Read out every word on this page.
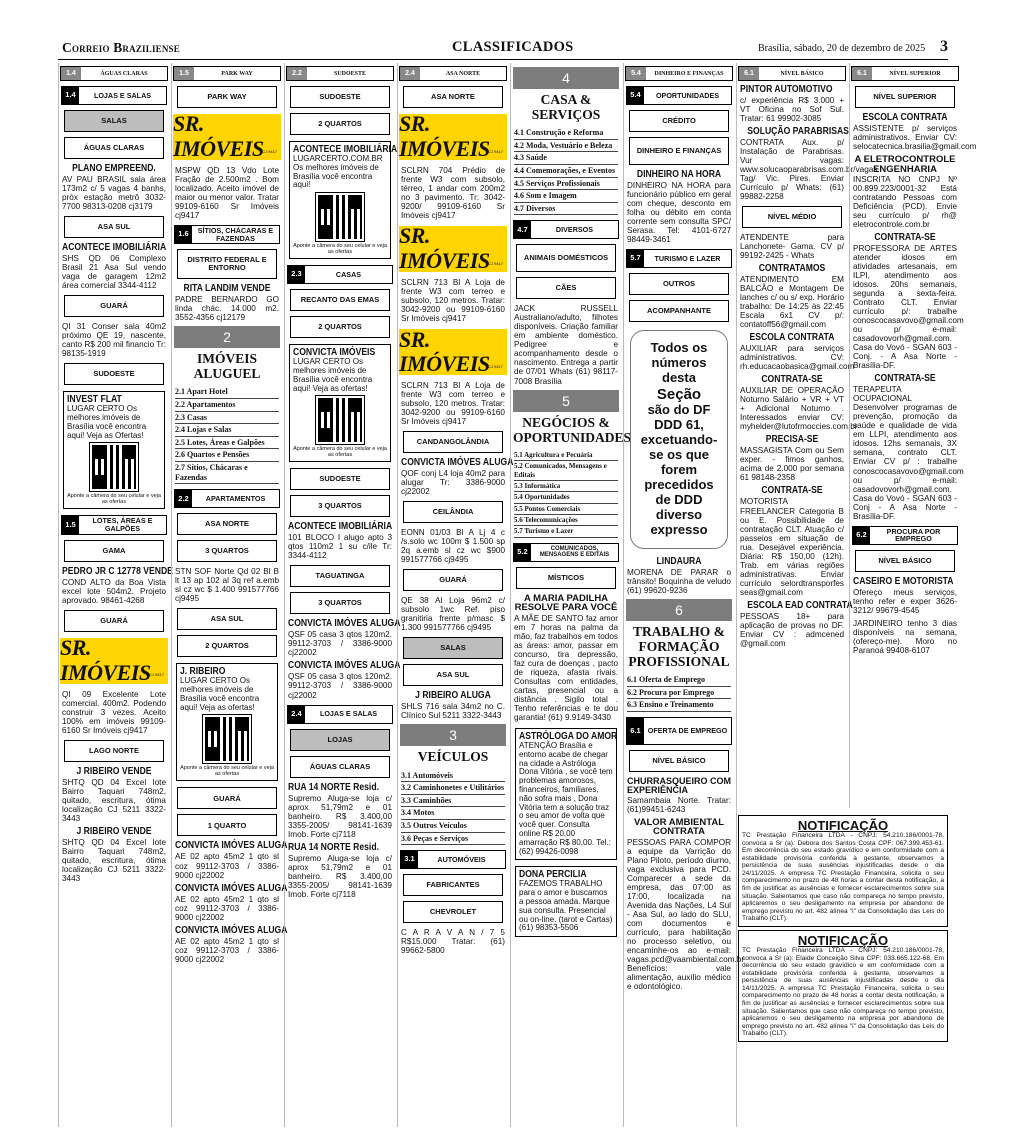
Correio Braziliense	CLASSIFICADOS	Brasília, sábado, 20 de dezembro de 2025 3
1.4	ÁGUAS CLARAS
1.4	LOJAS E SALAS
SALAS
ÁGUAS CLARAS
PLANO EMPREEND.

AV PAU BRASIL sala área 173m2 c/ 5 vagas 4 banhs, próx estação metrô 3032-7700 98313-0208 cj3179

ASA SUL
ACONTECE IMOBILIÁRIA

SHS QD 06 Complexo Brasil 21 Asa Sul vendo vaga de garagem 12m2 área comercial 3344-4112

GUARÁ

QI 31 Conser sala 40m2 próximo QE 19, nascente, canto R$ 200 mil financio Tr: 98135-1919

SUDOESTE
INVEST FLAT

LUGAR CERTO Os melhores imóveis de Brasília você encontra aqui! Veja as Ofertas!

Aponte a câmera do seu celular e veja as ofertas
1.5	LOTES, ÁREAS E GALPÕES
GAMA
PEDRO JR C 12778 VENDE

COND ALTO da Boa Vista excel lote 504m2. Projeto aprovado. 98461-4268

GUARÁ
SR. IMÓVEIS
CJ 9417

QI 09 Excelente Lote comercial. 400m2. Podendo construir 3 vezes. Aceito 100% em imóveis 99109-6160 Sr Imóveis cj9417

LAGO NORTE
J RIBEIRO VENDE

SHTQ QD 04 Excel lote Bairro Taquari 748m2, quitado, escritura, ótima localização CJ 5211 3322-3443

J RIBEIRO VENDE

SHTQ QD 04 Excel lote Bairro Taquari 748m2, quitado, escritura, ótima localização CJ 5211 3322-3443

1.5	PARK WAY
PARK WAY
SR. IMÓVEIS
CJ 9417

MSPW QD 13 Vdo Lote Fração de 2.500m2 . Bom localizado. Aceito imóvel de maior ou menor valor. Tratar 99109-6160 Sr Imóveis cj9417

1.6	SÍTIOS, CHÁCARAS E FAZENDAS
DISTRITO FEDERAL E ENTORNO
RITA LANDIM VENDE

PADRE BERNARDO GO linda chác. 14.000 m2. 3552-4356 cj12179

2
IMÓVEIS ALUGUEL
2.1 Apart Hotel
2.2 Apartamentos
2.3 Casas
2.4 Lojas e Salas
2.5 Lotes, Áreas e Galpões
2.6 Quartos e Pensões
2.7 Sítios, Chácaras e Fazendas
2.2	APARTAMENTOS
ASA NORTE
3 QUARTOS

STN SOF Norte Qd 02 Bl B lt 13 ap 102 al 3q ref a.emb sl cz wc $ 1.400 991577766 cj9495

ASA SUL
2 QUARTOS
J. RIBEIRO

LUGAR CERTO Os melhores imóveis de Brasília você encontra aqui! Veja as ofertas!

Aponte a câmera do seu celular e veja as ofertas
GUARÁ
1 QUARTO
CONVICTA IMÓVES ALUGA

AE 02 apto 45m2 1 qto sl coz 99112-3703 / 3386-9000 cj22002

CONVICTA IMÓVES ALUGA

AE 02 apto 45m2 1 qto sl coz 99112-3703 / 3386-9000 cj22002

CONVICTA IMÓVES ALUGA

AE 02 apto 45m2 1 qto sl coz 99112-3703 / 3386-9000 cj22002

2.2	SUDOESTE
SUDOESTE
2 QUARTOS
ACONTECE IMOBILIÁRIA

LUGARCERTO.COM.BR Os melhores imóveis de Brasília você encontra aqui!

Aponte a câmera do seu celular e veja as ofertas
2.3	CASAS
RECANTO DAS EMAS
2 QUARTOS
CONVICTA IMÓVEIS

LUGAR CERTO Os melhores imóveis de Brasília você encontra aqui! Veja as ofertas!

Aponte a câmera do seu celular e veja as ofertas
SUDOESTE
3 QUARTOS
ACONTECE IMOBILIÁRIA

101 BLOCO I alugo apto 3 qtos 110m2 1 su c/ile Tr: 3344-4112

TAGUATINGA
3 QUARTOS
CONVICTA IMÓVES ALUGA

QSF 05 casa 3 qtos 120m2. 99112-3703 / 3386-9000 cj22002

CONVICTA IMÓVES ALUGA

QSF 05 casa 3 qtos 120m2. 99112-3703 / 3386-9000 cj22002

2.4	LOJAS E SALAS
LOJAS
ÁGUAS CLARAS
RUA 14 NORTE Resid.

Supremo Aluga-se loja c/ aprox 51,79m2 e 01 banheiro. R$ 3.400,00 3355-2005/ 98141-1639 Imob. Forte cj7118

RUA 14 NORTE Resid.

Supremo Aluga-se loja c/ aprox 51,79m2 e 01 banheiro. R$ 3.400,00 3355-2005/ 98141-1639 Imob. Forte cj7118

2.4	ASA NORTE
ASA NORTE
SR. IMÓVEIS
CJ 9417

SCLRN 704 Prédio de frente W3 com subsolo, térreo, 1 andar com 200m2 no 3 pavimento. Tr: 3042-9200/ 99109-6160 Sr Imóveis cj9417

SR. IMÓVEIS
CJ 9417

SCLRN 713 Bl A Loja de frente W3 com terreo e subsolo, 120 metros. Tratar: 3042-9200 ou 99109-6160 Sr Imóveis cj9417

SR. IMÓVEIS
CJ 9417

SCLRN 713 Bl A Loja de frente W3 com terreo e subsolo, 120 metros. Tratar: 3042-9200 ou 99109-6160 Sr Imóveis cj9417

CANDANGOLÂNDIA
CONVICTA IMÓVES ALUGA

QOF conj L4 loja 40m2 para alugar Tr: 3386-9000 cj22002

CEILÂNDIA

EONN 01/03 Bl A Lj 4 c /s.solo wc 100m $ 1.500 sp 2q a.emb sl cz wc $900 991577766 cj9495

GUARÁ

QE 38 Al Loja 96m2 c/ subsolo 1wc Ref. piso granitiria frente p/masc $ 1.300 991577766 cj9495

SALAS
ASA SUL
J RIBEIRO ALUGA

SHLS 716 sala 34m2 no C. Clínico Sul 5211 3322-3443

3
VEÍCULOS
3.1 Automóveis
3.2 Caminhonetes e Utilitários
3.3 Caminhões
3.4 Motos
3.5 Outros Veículos
3.6 Peças e Serviços
3.1	AUTOMÓVEIS
FABRICANTES
CHEVROLET

C A R A V A N / 7 5 R$15.000 Tratar: (61) 99662-5800

4
CASA & SERVIÇOS
4.1 Construção e Reforma
4.2 Moda, Vestuário e Beleza
4.3 Saúde
4.4 Comemorações, e Eventos
4.5 Serviços Profissionais
4.6 Som e Imagem
4.7 Diversos
4.7	DIVERSOS
ANIMAIS DOMÉSTICOS
CÃES

JACK RUSSELL Australiano/adulto, filhotes disponíveis. Criação familiar em ambiente doméstico. Pedigree e acompanhamento desde o nascimento. Entrega a partir de 07/01 Whats (61) 98117-7008 Brasília

5
NEGÓCIOS & OPORTUNIDADES
5.1 Agricultura e Pecuária
5.2 Comunicados, Mensagens e Editais
5.3 Informática
5.4 Oportunidades
5.5 Pontos Comerciais
5.6 Telecomunicações
5.7 Turismo e Lazer
5.2	COMUNICADOS, MENSAGENS E EDITAIS
MÍSTICOS
A MARIA PADILHA RESOLVE PARA VOCÊ

A MÃE DE SANTO faz amor em 7 horas na palma da mão, faz trabalhos em todos as áreas: amor, passar em concurso, tira depressão, faz cura de doenças , pacto de riqueza, afasta rivais. Consultas com entidades, cartas, presencial ou a distância . Sigilo total . Tenho referências e te dou garantia! (61) 9.9149-3430

ASTRÓLOGA DO AMOR

ATENÇÃO Brasília e entorno acabe de chegar na cidade a Astróloga Dona Vitória , se você tem problemas amorosos, financeiros, familiares, não sofra mais , Dona Vitória tem a solução traz o seu amor de volta que você quer. Consulta online R$ 20,00 amarração R$ 80,00. Tel.: (62) 99426-0098

DONA PERCILIA

FAZEMOS TRABALHO para o amor e buscamos a pessoa amada. Marque sua consulta. Presencial ou on-line. (tarot e Cartas) (61) 98353-5506

5.4	DINHEIRO E FINANÇAS
5.4	OPORTUNIDADES
CRÉDITO
DINHEIRO E FINANÇAS
DINHEIRO NA HORA

DINHEIRO NA HORA para funcionário público em geral com cheque, desconto em folha ou débito em conta corrente sem consulta SPC/ Serasa. Tel: 4101-6727 98449-3461

5.7	TURISMO E LAZER
OUTROS
ACOMPANHANTE
Todos os números desta
Seção
são do DF DDD 61,
excetuando-se os que forem precedidos de DDD diverso expresso
LINDAURA

MORENA DE PARAR o trânsito! Boquinha de veludo (61) 99620-9236

6
TRABALHO & FORMAÇÃO PROFISSIONAL
6.1 Oferta de Emprego
6.2 Procura por Emprego
6.3 Ensino e Treinamento
6.1 OFERTA DE EMPREGO
NÍVEL BÁSICO
CHURRASQUEIRO COM EXPERIÊNCIA

Samambaia Norte. Tratar: (61)99451-6243

VALOR AMBIENTAL CONTRATA

PESSOAS PARA COMPOR a equipe da Varrição do Plano Piloto, período diurno, vaga exclusiva para PCD. Comparecer a sede da empresa, das 07:00 as 17:00, localizada na Avenida das Nações, L4 Sul - Asa Sul, ao lado do SLU, com documentos e currículo, para habilitação no processo seletivo, ou encaminhe-os ao e-mail: vagas.pcd@vaambiental.com.br Benefícios: vale alimentação, auxílio médico e odontológico.

6.1	NÍVEL BÁSICO
PINTOR AUTOMOTIVO

c/ experiência R$ 3.000 + VT Oficina no Sof Sul. Tratar: 61 99902-3085

SOLUÇÃO PARABRISAS

CONTRATA Aux. p/ Instalação de Parabrisas. Vur vagas: www.solucaoparabrisas.com.br/vagas Tag/ Vic. Pires. Enviar Currículo p/ Whats: (61) 99882-2258

NÍVEL MÉDIO

ATENDENTE para Lanchonete- Gama. CV p/ 99192-2425 - Whats

CONTRATAMOS

ATENDIMENTO EM BALCÃO e Montagem De lanches c/ ou s/ exp. Horário trabalho: De 14:25 às 22:45 Escala 6x1 CV p/: contatoff56@gmail.com

ESCOLA CONTRATA

AUXILIAR para serviços administrativos. CV: rh.educacaobasica@gmail.com

CONTRATA-SE

AUXILIAR DE OPERAÇÃO Noturno Salário + VR + VT + Adicional Noturno . Interessados enviar CV: myhelder@lutofrmoccies.com.br

PRECISA-SE

MASSAGISTA Com ou Sem exper. - fimos ganhos, acima de 2.000 por semana 61 98148-2358

CONTRATA-SE

MOTORISTA FREELANCER Categoria B ou E. Possibilidade de contratação CLT. Atuação c/ passeios em situação de rua. Desejável experiência. Diária: R$ 150,00 (12h). Trab. em várias regiões administrativas. Enviar currículo selordtransporfes seas@gmail.com

ESCOLA EAD CONTRATA

PESSOAS 18+ para aplicação de provas no DF. Enviar CV : admcened @gmail.com

NOTIFICAÇÃO

TC Prestação Financeira LTDA - CNPJ: 54.210.186/0001-78, convoca a Sr (a): Debora dos Santos Costa CPF: 067.399.453-61. Em decorrência do seu estado gravídico e em conformidade com a estabilidade provisória conferida à gestante, observamos a persistência de suas ausências injustificadas desde o dia 24/11/2025. A empresa TC Prestação Financeira, solicita o seu comparecimento no prazo de 48 horas a contar desta notificação, a fim de justificar as ausências e fornecer esclarecimentos sobre sua situação. Salientamos que caso não compareça no tempo previsto, aplicaremos o seu desligamento na empresa por abandono de emprego previsto no art. 482 alínea "i" da Consolidação das Leis do Trabalho (CLT).

NOTIFICAÇÃO

TC Prestação Financeira LTDA - CNPJ: 54.210.186/0001-78, convoca a Sr (a): Elaide Conceição Silva CPF: 033.665.122-68. Em decorrência do seu estado gravídico e em conformidade com a estabilidade provisória conferida à gestante, observamos a persistência de suas ausências injustificadas desde o dia 14/11/2025. A empresa TC Prestação Financeira, solicita o seu comparecimento no prazo de 48 horas a contar desta notificação, a fim de justificar as ausências e fornecer esclarecimentos sobre sua situação. Salientamos que caso não compareça no tempo previsto, aplicaremos o seu desligamento na empresa por abandono de emprego previsto no art. 482 alínea "i" da Consolidação das Leis do Trabalho (CLT).

6.1	NÍVEL SUPERIOR
NÍVEL SUPERIOR
ESCOLA CONTRATA

ASSISTENTE p/ serviços administrativos. Enviar CV: selocatecnica.brasilia@gmail.com

A ELETROCONTROLE ENGENHARIA

INSCRITA NO CNPJ Nº 00.899.223/0001-32 Está contratando Pessoas com Deficiência (PCD). Envie seu currículo p/ rh@ eletrocontrole.com.br

CONTRATA-SE

PROFESSORA DE ARTES atender idosos em atividades artesanais, em ILPI, atendimento aos idosos. 20hs semanais, segunda a sexta-feira. Contrato CLT. Enviar currículo p/: trabalhe conoscocasavovo@gmail.com ou p/ e-mail: casadovovorh@gmail.com. Casa do Vovó - SGAN 603 - Conj. - A Asa Norte - Brasília-DF.

CONTRATA-SE

TERAPEUTA OCUPACIONAL Desenvolver programas de prevenção, promoção da saúde e qualidade de vida em LLPI, atendimento aos idosos. 12hs semanais, 3X semana, contrato CLT. Enviar CV p/ : trabalhe conoscocasavovo@gmail.com ou p/ e-mail: casadovovorh@gmail.com. Casa do Vovó - SGAN 603 - Conj - A Asa Norte - Brasília-DF.

6.2	PROCURA POR EMPREGO
NÍVEL BÁSICO
CASEIRO E MOTORISTA

Ofereço meus serviços, tenho refer e exper 3626-3212/ 99679-4545

JARDINEIRO tenho 3 dias disponíveis na semana, (ofereço-me). Moro no Paranoá 99408-6107
